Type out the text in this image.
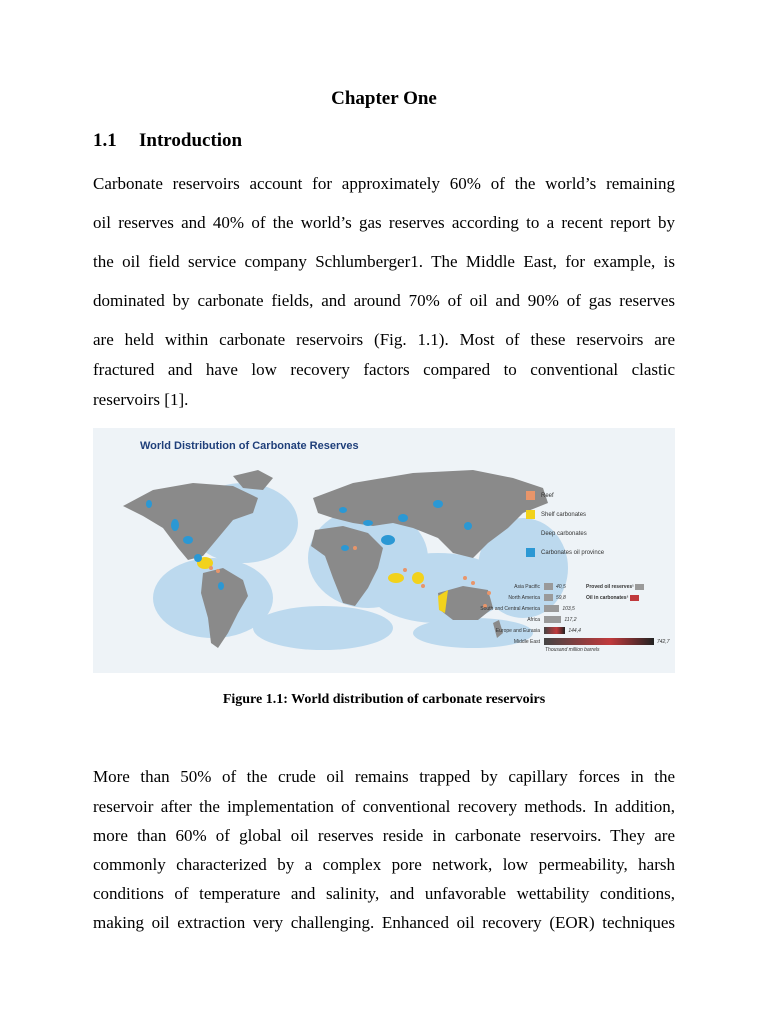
Chapter One
1.1 Introduction
Carbonate reservoirs account for approximately 60% of the world’s remaining
oil reserves and 40% of the world’s gas reserves according to a recent report by
the oil field service company Schlumberger1. The Middle East, for example, is
dominated by carbonate fields, and around 70% of oil and 90% of gas reserves
are held within carbonate reservoirs (Fig. 1.1). Most of these reservoirs are
fractured and have low recovery factors compared to conventional clastic
reservoirs [1].
World Distribution of Carbonate Reserves
Reef
Shelf carbonates
Deep carbonates
Carbonates oil province
Asia Pacific	40,5
North America	59,8
South and Central America	103,5
Africa	117,2
Europe and Eurasia	144,4
Middle East	742,7
Proved oil reserves¹
Oil in carbonates²
Thousand million barrels
Figure 1.1: World distribution of carbonate reservoirs
More than 50% of the crude oil remains trapped by capillary forces in the
reservoir after the implementation of conventional recovery methods. In addition,
more than 60% of global oil reserves reside in carbonate reservoirs. They are
commonly characterized by a complex pore network, low permeability, harsh
conditions of temperature and salinity, and unfavorable wettability conditions,
making oil extraction very challenging. Enhanced oil recovery (EOR) techniques
